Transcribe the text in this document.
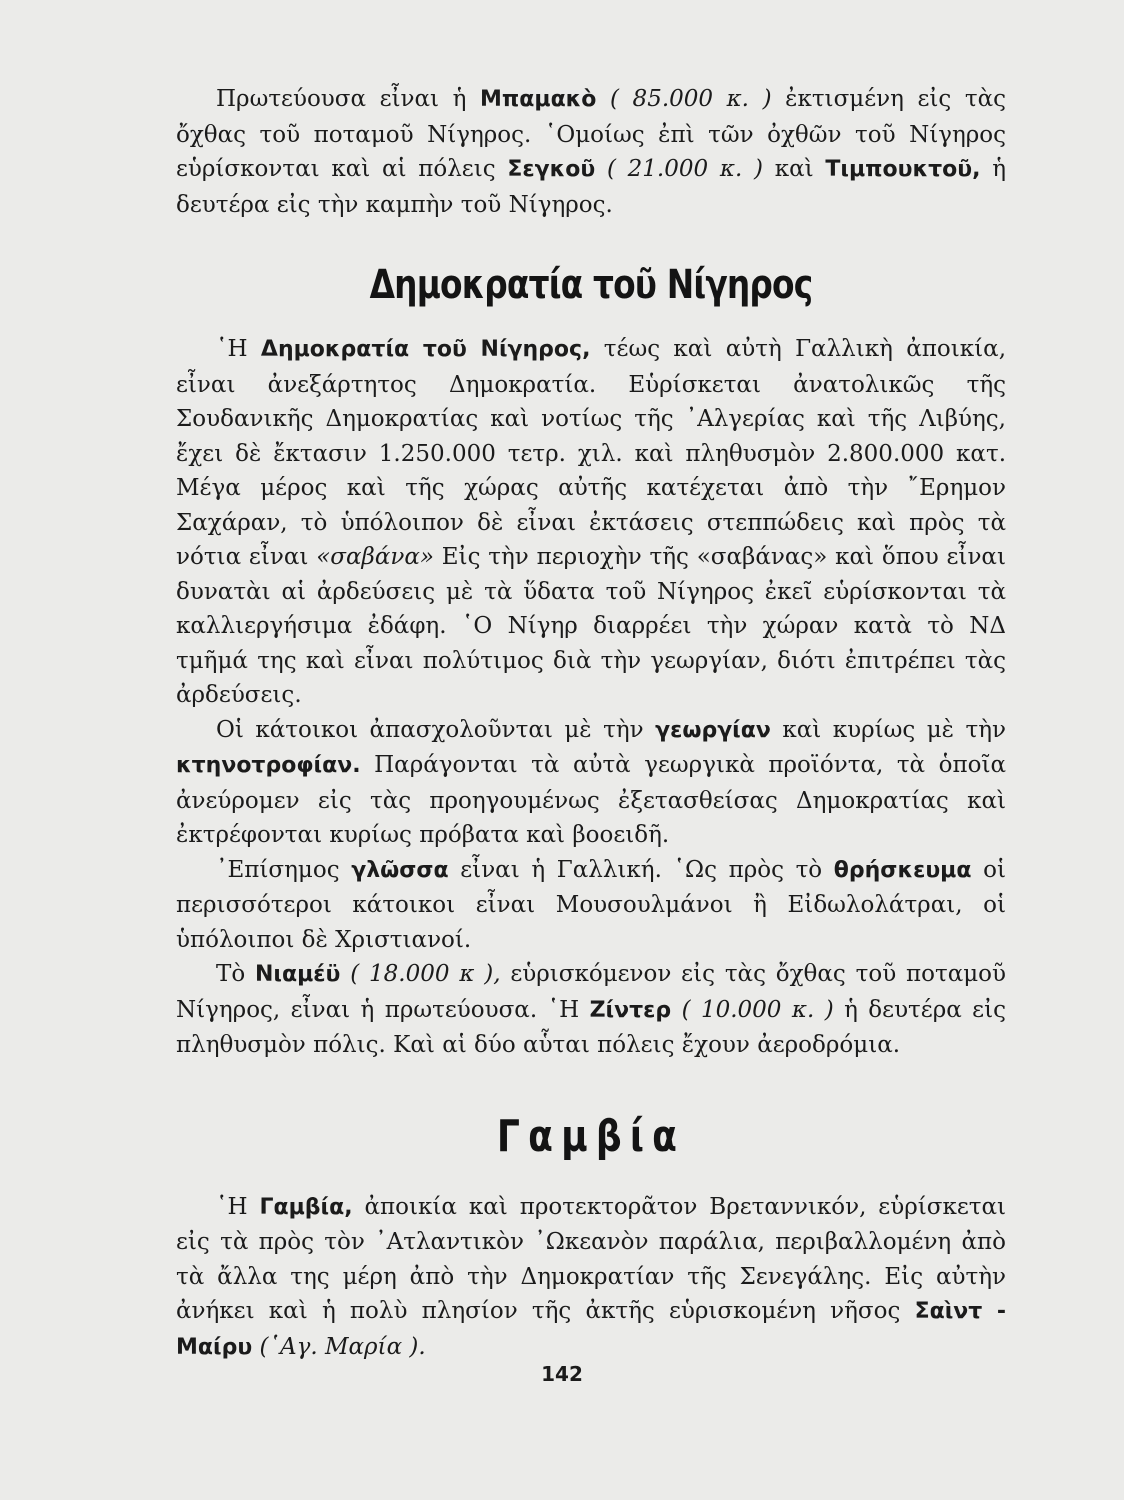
Πρωτεύουσα εἶναι ἡ Μπαμακὸ ( 85.000 κ. ) ἐκτισμένη εἰς τὰς ὄχθας τοῦ ποταμοῦ Νίγηρος. ῾Ομοίως ἐπὶ τῶν ὀχθῶν τοῦ Νίγηρος εὑρίσκονται καὶ αἱ πόλεις Σεγκοῦ ( 21.000 κ. ) καὶ Τιμπουκτοῦ, ἡ δευτέρα εἰς τὴν καμπὴν τοῦ Νίγηρος.

Δημοκρατία τοῦ Νίγηρος

῾Η Δημοκρατία τοῦ Νίγηρος, τέως καὶ αὐτὴ Γαλλικὴ ἀποικία, εἶναι ἀνεξάρτητος Δημοκρατία. Εὑρίσκεται ἀνατολικῶς τῆς Σουδανικῆς Δημοκρατίας καὶ νοτίως τῆς ᾿Αλγερίας καὶ τῆς Λιβύης, ἔχει δὲ ἔκτασιν 1.250.000 τετρ. χιλ. καὶ πληθυσμὸν 2.800.000 κατ. Μέγα μέρος καὶ τῆς χώρας αὐτῆς κατέχεται ἀπὸ τὴν ῎Ερημον Σαχάραν, τὸ ὑπόλοιπον δὲ εἶναι ἐκτάσεις στεππώδεις καὶ πρὸς τὰ νότια εἶναι «σαβάνα» Εἰς τὴν περιοχὴν τῆς «σαβάνας» καὶ ὅπου εἶναι δυνατὰι αἱ ἀρδεύσεις μὲ τὰ ὕδατα τοῦ Νίγηρος ἐκεῖ εὑρίσκονται τὰ καλλιεργήσιμα ἐδάφη. ῾Ο Νίγηρ διαρρέει τὴν χώραν κατὰ τὸ ΝΔ τμῆμά της καὶ εἶναι πολύτιμος διὰ τὴν γεωργίαν, διότι ἐπιτρέπει τὰς ἀρδεύσεις.

Οἱ κάτοικοι ἀπασχολοῦνται μὲ τὴν γεωργίαν καὶ κυρίως μὲ τὴν κτηνοτροφίαν. Παράγονται τὰ αὐτὰ γεωργικὰ προϊόντα, τὰ ὁποῖα ἀνεύρομεν εἰς τὰς προηγουμένως ἐξετασθείσας Δημοκρατίας καὶ ἐκτρέφονται κυρίως πρόβατα καὶ βοοειδῆ.

᾿Επίσημος γλῶσσα εἶναι ἡ Γαλλική. ῾Ως πρὸς τὸ θρήσκευμα οἱ περισσότεροι κάτοικοι εἶναι Μουσουλμάνοι ἢ Εἰδωλολάτραι, οἱ ὑπόλοιποι δὲ Χριστιανοί.

Τὸ Νιαμέϋ ( 18.000 κ ), εὑρισκόμενον εἰς τὰς ὄχθας τοῦ ποταμοῦ Νίγηρος, εἶναι ἡ πρωτεύουσα. ῾Η Ζίντερ ( 10.000 κ. ) ἡ δευτέρα εἰς πληθυσμὸν πόλις. Καὶ αἱ δύο αὗται πόλεις ἔχουν ἀεροδρόμια.

Γαμβία

῾Η Γαμβία, ἀποικία καὶ προτεκτορᾶτον Βρεταννικόν, εὑρίσκεται εἰς τὰ πρὸς τὸν ᾿Ατλαντικὸν ᾿Ωκεανὸν παράλια, περιβαλλομένη ἀπὸ τὰ ἄλλα της μέρη ἀπὸ τὴν Δημοκρατίαν τῆς Σενεγάλης. Εἰς αὐτὴν ἀνήκει καὶ ἡ πολὺ πλησίον τῆς ἀκτῆς εὑρισκομένη νῆσος Σαὶντ - Μαίρυ (῾Αγ. Μαρία ).

142
